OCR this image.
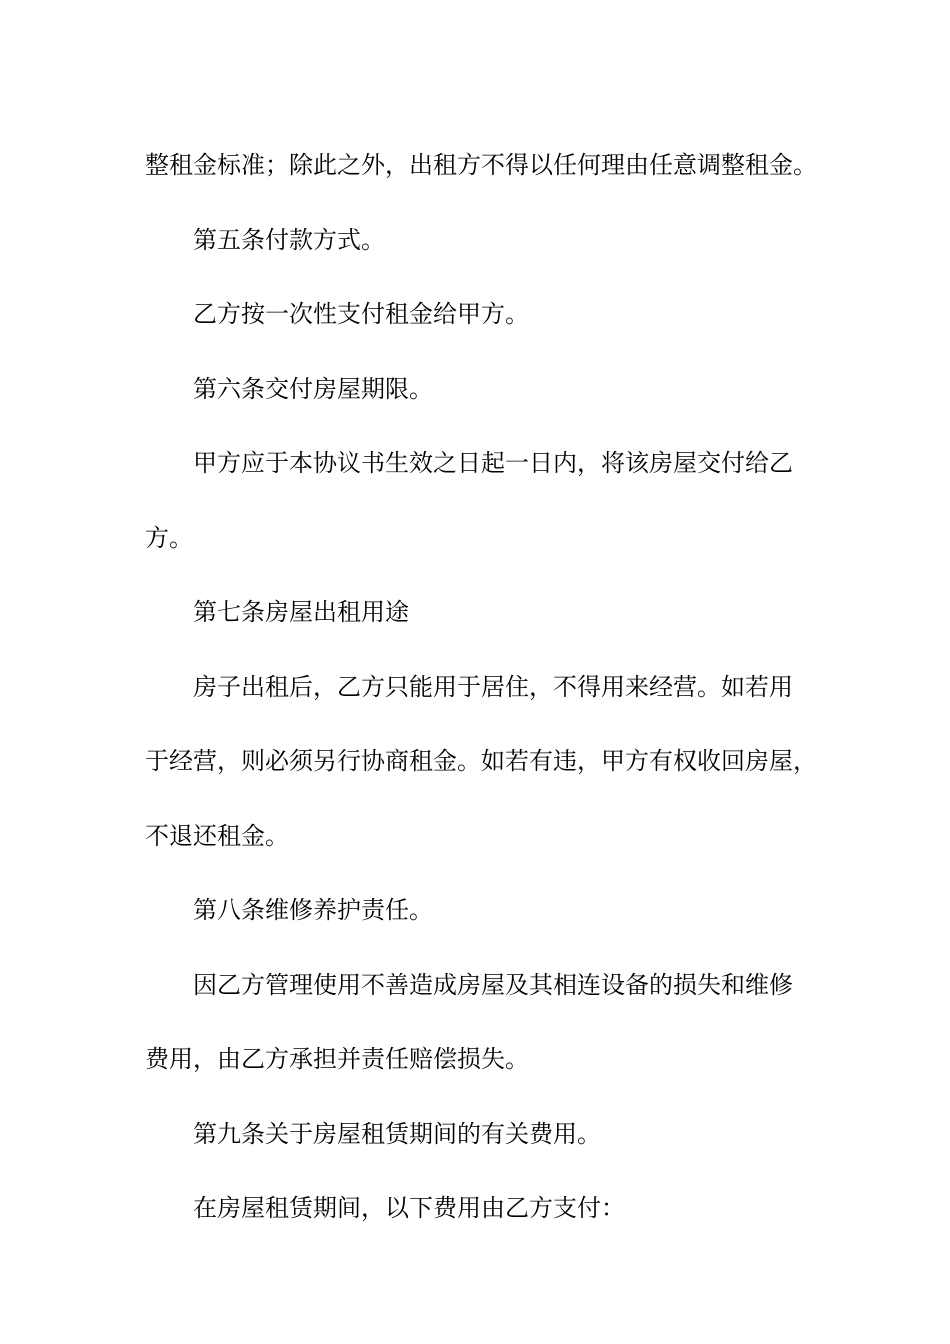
整租金标准；除此之外，出租方不得以任何理由任意调整租金。
第五条付款方式。
乙方按一次性支付租金给甲方。
第六条交付房屋期限。
甲方应于本协议书生效之日起一日内，将该房屋交付给乙
方。
第七条房屋出租用途
房子出租后，乙方只能用于居住，不得用来经营。如若用
于经营，则必须另行协商租金。如若有违，甲方有权收回房屋，
不退还租金。
第八条维修养护责任。
因乙方管理使用不善造成房屋及其相连设备的损失和维修
费用，由乙方承担并责任赔偿损失。
第九条关于房屋租赁期间的有关费用。
在房屋租赁期间，以下费用由乙方支付：
